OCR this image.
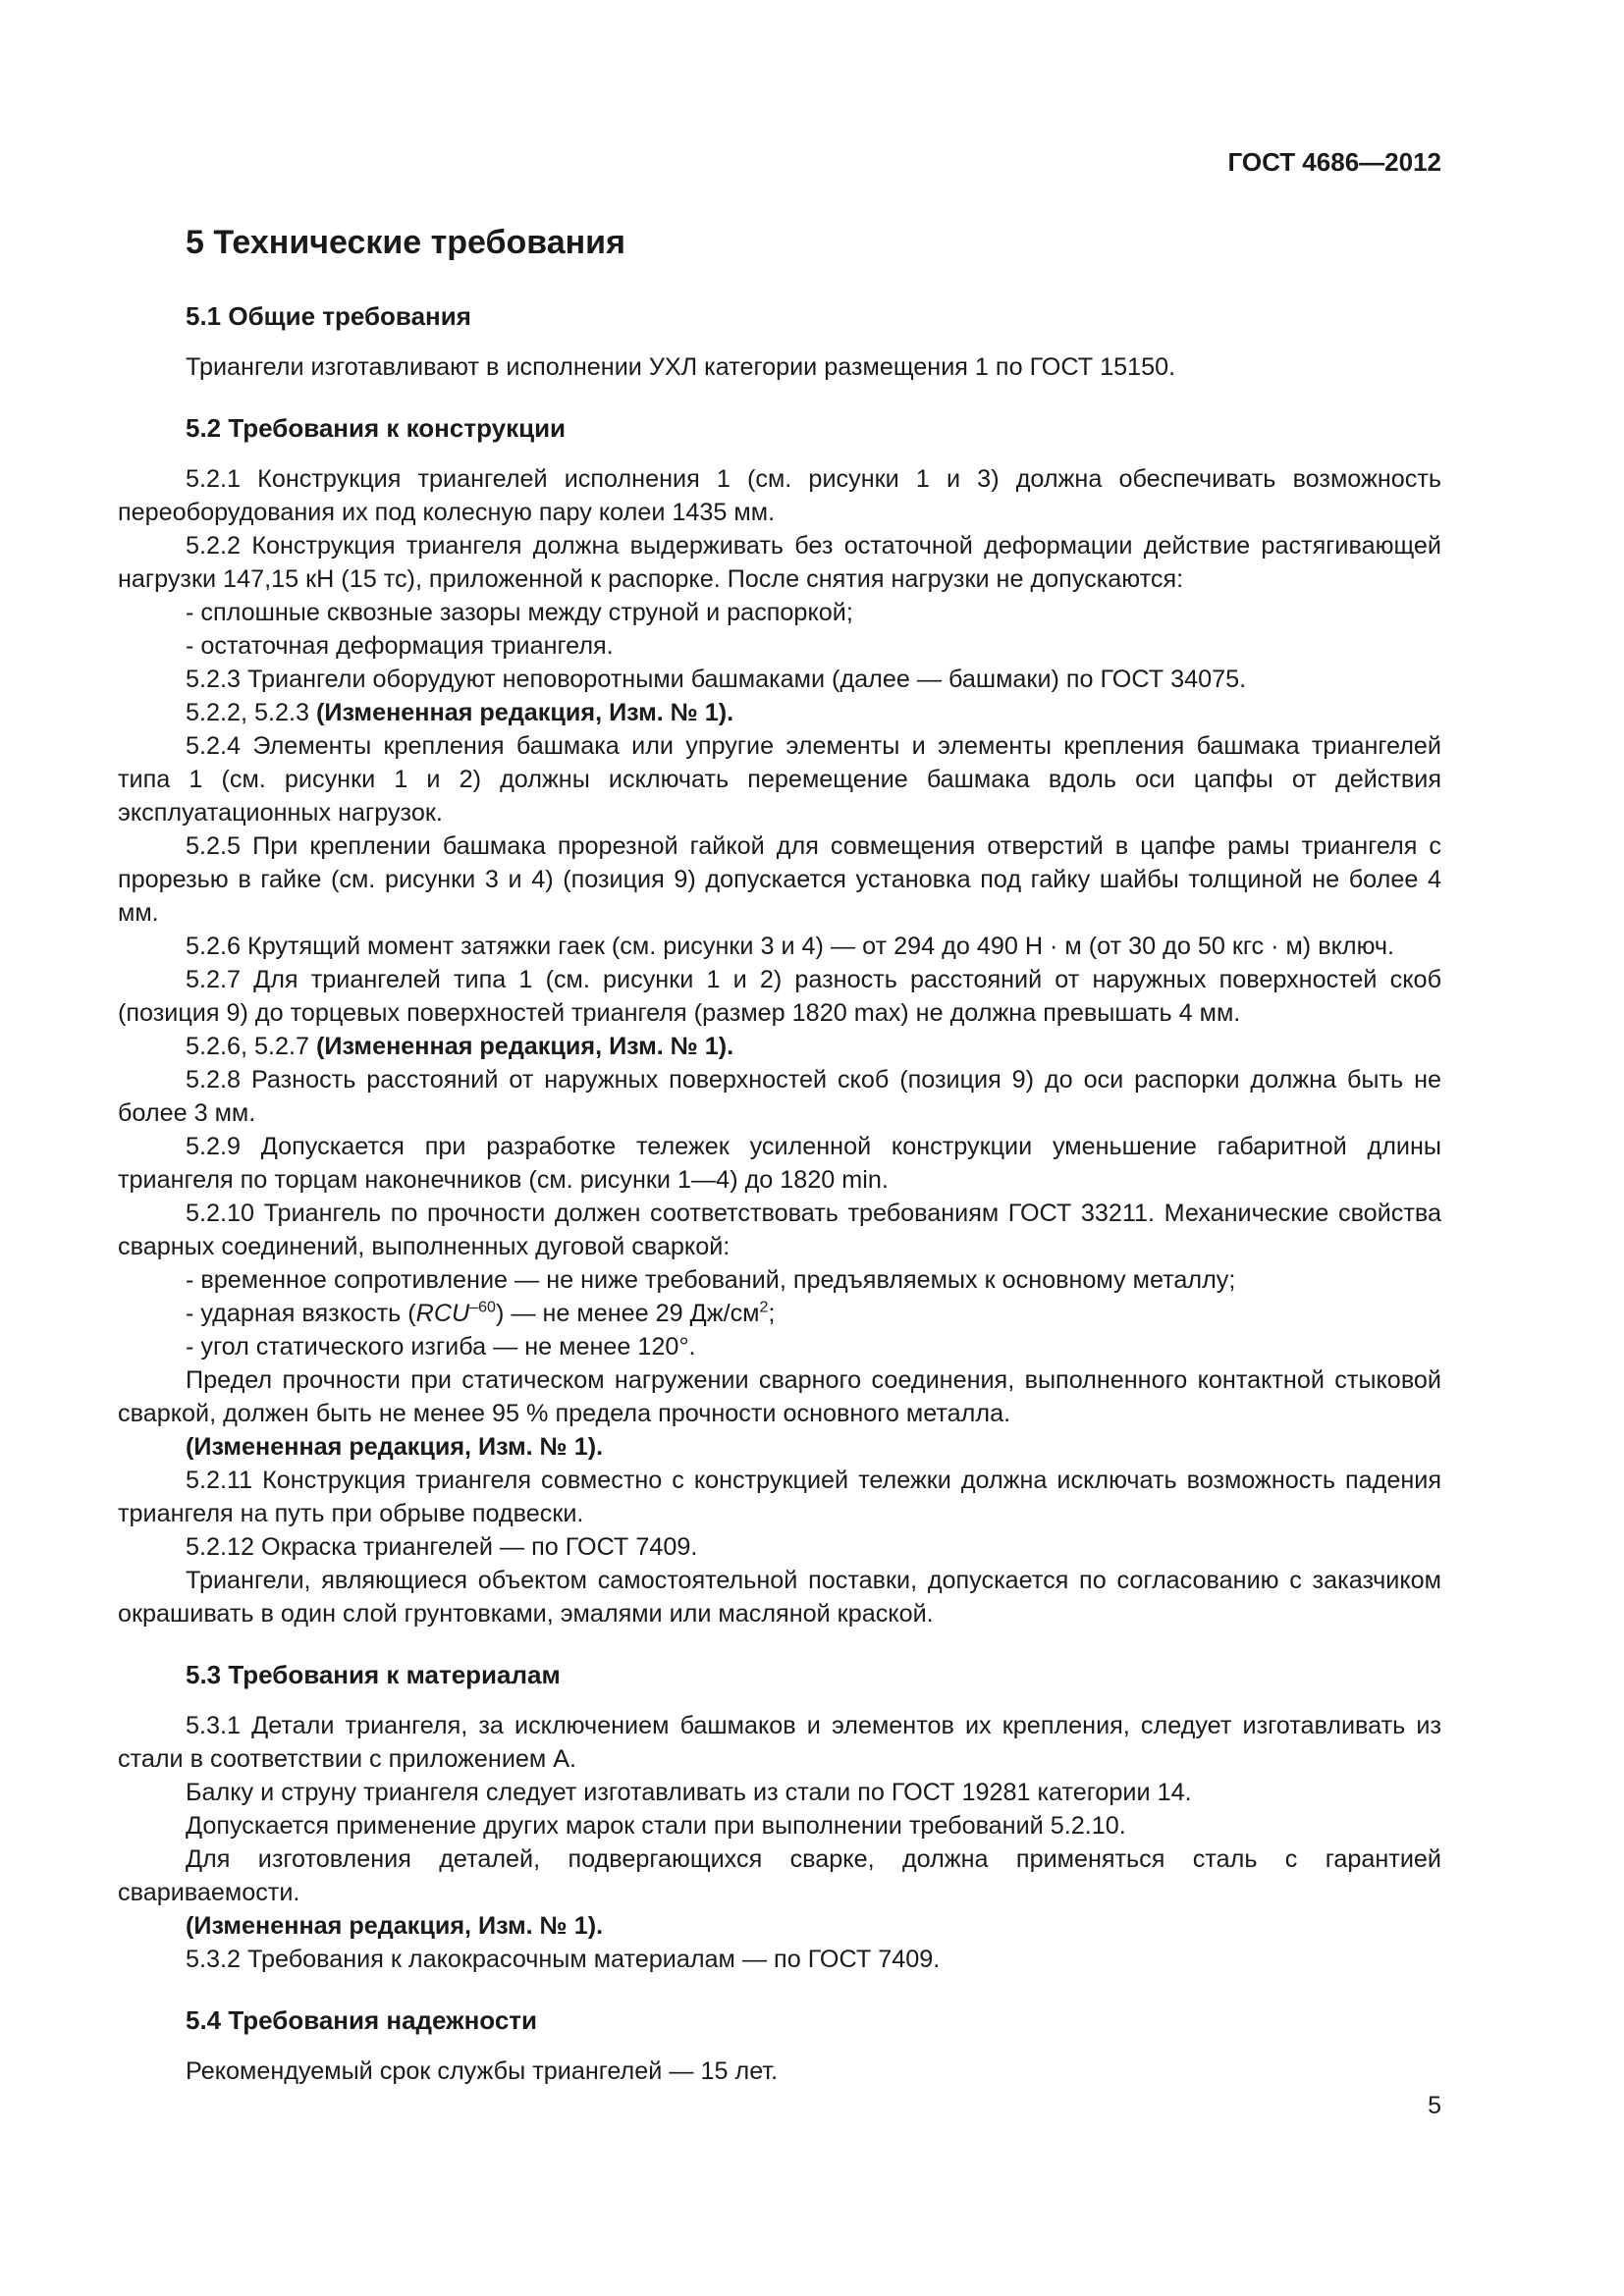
ГОСТ 4686—2012
5 Технические требования
5.1 Общие требования

Триангели изготавливают в исполнении УХЛ категории размещения 1 по ГОСТ 15150.

5.2 Требования к конструкции

5.2.1 Конструкция триангелей исполнения 1 (см. рисунки 1 и 3) должна обеспечивать возможность переоборудования их под колесную пару колеи 1435 мм.

5.2.2 Конструкция триангеля должна выдерживать без остаточной деформации действие растягивающей нагрузки 147,15 кН (15 тс), приложенной к распорке. После снятия нагрузки не допускаются:

- сплошные сквозные зазоры между струной и распоркой;

- остаточная деформация триангеля.

5.2.3 Триангели оборудуют неповоротными башмаками (далее — башмаки) по ГОСТ 34075.

5.2.2, 5.2.3 (Измененная редакция, Изм. № 1).

5.2.4 Элементы крепления башмака или упругие элементы и элементы крепления башмака триангелей типа 1 (см. рисунки 1 и 2) должны исключать перемещение башмака вдоль оси цапфы от действия эксплуатационных нагрузок.

5.2.5 При креплении башмака прорезной гайкой для совмещения отверстий в цапфе рамы триангеля с прорезью в гайке (см. рисунки 3 и 4) (позиция 9) допускается установка под гайку шайбы толщиной не более 4 мм.

5.2.6 Крутящий момент затяжки гаек (см. рисунки 3 и 4) — от 294 до 490 Н · м (от 30 до 50 кгс · м) включ.

5.2.7 Для триангелей типа 1 (см. рисунки 1 и 2) разность расстояний от наружных поверхностей скоб (позиция 9) до торцевых поверхностей триангеля (размер 1820 max) не должна превышать 4 мм.

5.2.6, 5.2.7 (Измененная редакция, Изм. № 1).

5.2.8 Разность расстояний от наружных поверхностей скоб (позиция 9) до оси распорки должна быть не более 3 мм.

5.2.9 Допускается при разработке тележек усиленной конструкции уменьшение габаритной длины триангеля по торцам наконечников (см. рисунки 1—4) до 1820 min.

5.2.10 Триангель по прочности должен соответствовать требованиям ГОСТ 33211. Механические свойства сварных соединений, выполненных дуговой сваркой:

- временное сопротивление — не ниже требований, предъявляемых к основному металлу;

- ударная вязкость $(RCU^{-60})$ — не менее 29 $Дж/см^2$;

- угол статического изгиба — не менее 120°.

Предел прочности при статическом нагружении сварного соединения, выполненного контактной стыковой сваркой, должен быть не менее 95 % предела прочности основного металла.

(Измененная редакция, Изм. № 1).

5.2.11 Конструкция триангеля совместно с конструкцией тележки должна исключать возможность падения триангеля на путь при обрыве подвески.

5.2.12 Окраска триангелей — по ГОСТ 7409.

Триангели, являющиеся объектом самостоятельной поставки, допускается по согласованию с заказчиком окрашивать в один слой грунтовками, эмалями или масляной краской.

5.3 Требования к материалам

5.3.1 Детали триангеля, за исключением башмаков и элементов их крепления, следует изготавливать из стали в соответствии с приложением А.

Балку и струну триангеля следует изготавливать из стали по ГОСТ 19281 категории 14.

Допускается применение других марок стали при выполнении требований 5.2.10.

Для изготовления деталей, подвергающихся сварке, должна применяться сталь с гарантией свариваемости.

(Измененная редакция, Изм. № 1).

5.3.2 Требования к лакокрасочным материалам — по ГОСТ 7409.

5.4 Требования надежности

Рекомендуемый срок службы триангелей — 15 лет.

5
